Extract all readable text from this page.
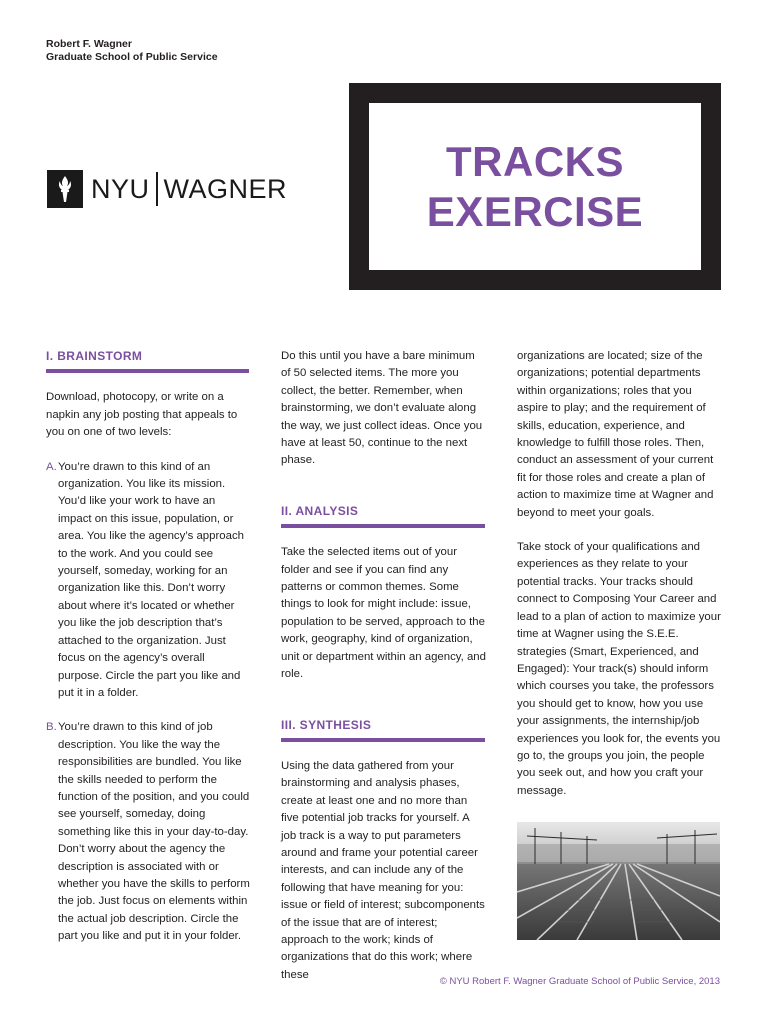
Robert F. Wagner
Graduate School of Public Service
NYU WAGNER
TRACKS
EXERCISE
I. BRAINSTORM

Download, photocopy, or write on a napkin any job posting that appeals to you on one of two levels:

A. You’re drawn to this kind of an organization. You like its mission. You’d like your work to have an impact on this issue, population, or area. You like the agency’s approach to the work. And you could see yourself, someday, working for an organization like this. Don’t worry about where it’s located or whether you like the job description that’s attached to the organization. Just focus on the agency’s overall purpose. Circle the part you like and put it in a folder.
B. You’re drawn to this kind of job description. You like the way the responsibilities are bundled. You like the skills needed to perform the function of the position, and you could see yourself, someday, doing something like this in your day-to-day. Don’t worry about the agency the description is associated with or whether you have the skills to perform the job. Just focus on elements within the actual job description. Circle the part you like and put it in your folder.

Do this until you have a bare minimum of 50 selected items. The more you collect, the better. Remember, when brainstorming, we don’t evaluate along the way, we just collect ideas. Once you have at least 50, continue to the next phase.

II. ANALYSIS

Take the selected items out of your folder and see if you can find any patterns or common themes. Some things to look for might include: issue, population to be served, approach to the work, geography, kind of organization, unit or department within an agency, and role.

III. SYNTHESIS

Using the data gathered from your brainstorming and analysis phases, create at least one and no more than five potential job tracks for yourself. A job track is a way to put parameters around and frame your potential career interests, and can include any of the following that have meaning for you: issue or field of interest; subcomponents of the issue that are of interest; approach to the work; kinds of organizations that do this work; where these

organizations are located; size of the organizations; potential departments within organizations; roles that you aspire to play; and the requirement of skills, education, experience, and knowledge to fulfill those roles. Then, conduct an assessment of your current fit for those roles and create a plan of action to maximize time at Wagner and beyond to meet your goals.

Take stock of your qualifications and experiences as they relate to your potential tracks. Your tracks should connect to Composing Your Career and lead to a plan of action to maximize your time at Wagner using the S.E.E. strategies (Smart, Experienced, and Engaged): Your track(s) should inform which courses you take, the professors you should get to know, how you use your assignments, the internship/job experiences you look for, the events you go to, the groups you join, the people you seek out, and how you craft your message.

© NYU Robert F. Wagner Graduate School of Public Service, 2013
